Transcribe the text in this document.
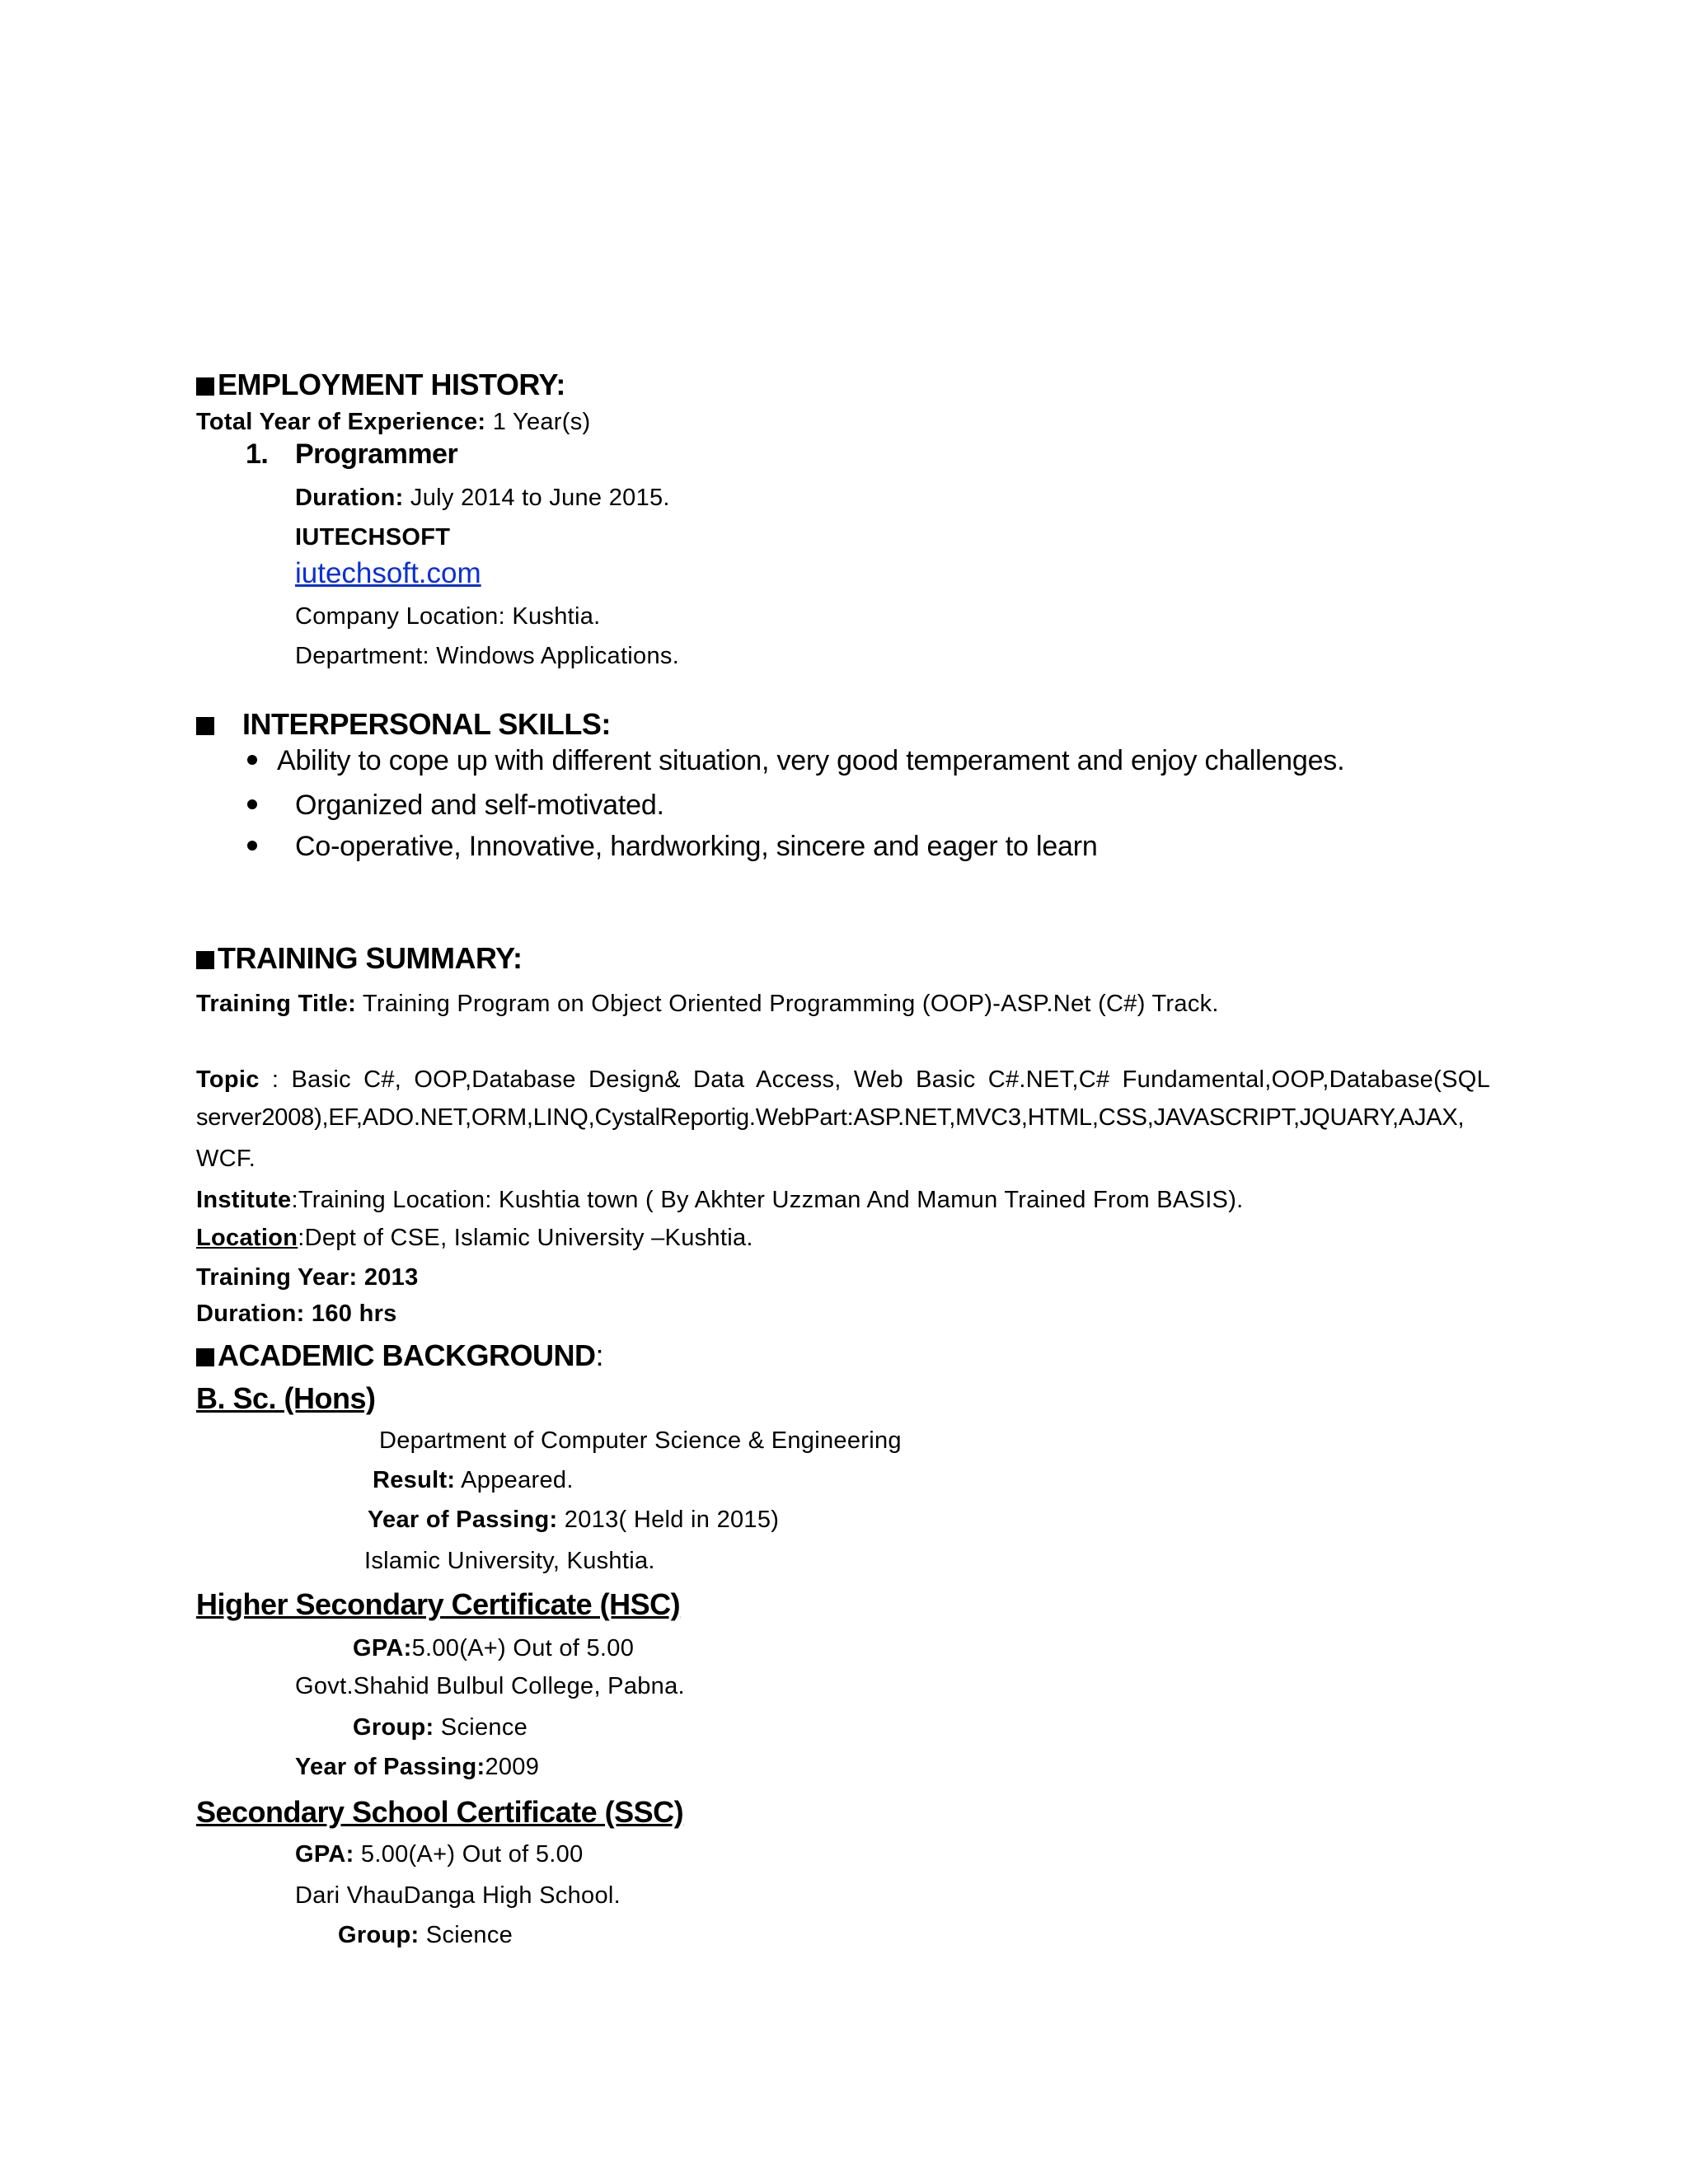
EMPLOYMENT HISTORY:
Total Year of Experience: 1 Year(s)
1. Programmer
Duration: July 2014 to June 2015.
IUTECHSOFT
iutechsoft.com
Company Location: Kushtia.
Department: Windows Applications.
INTERPERSONAL SKILLS:
Ability to cope up with different situation, very good temperament and enjoy challenges.
Organized and self-motivated.
Co-operative, Innovative, hardworking, sincere and eager to learn
TRAINING SUMMARY:
Training Title: Training Program on Object Oriented Programming (OOP)-ASP.Net (C#) Track.
Topic : Basic C#, OOP,Database Design& Data Access, Web Basic C#.NET,C# Fundamental,OOP,Database(SQL
server2008),EF,ADO.NET,ORM,LINQ,CystalReportig.WebPart:ASP.NET,MVC3,HTML,CSS,JAVASCRIPT,JQUARY,AJAX,
WCF.
Institute:Training Location: Kushtia town ( By Akhter Uzzman And Mamun Trained From BASIS).
Location:Dept of CSE, Islamic University –Kushtia.
Training Year: 2013
Duration: 160 hrs
ACADEMIC BACKGROUND:
B. Sc. (Hons)
Department of Computer Science & Engineering
Result: Appeared.
Year of Passing: 2013( Held in 2015)
Islamic University, Kushtia.
Higher Secondary Certificate (HSC)
GPA:5.00(A+) Out of 5.00
Govt.Shahid Bulbul College, Pabna.
Group: Science
Year of Passing:2009
Secondary School Certificate (SSC)
GPA: 5.00(A+) Out of 5.00
Dari VhauDanga High School.
Group: Science
